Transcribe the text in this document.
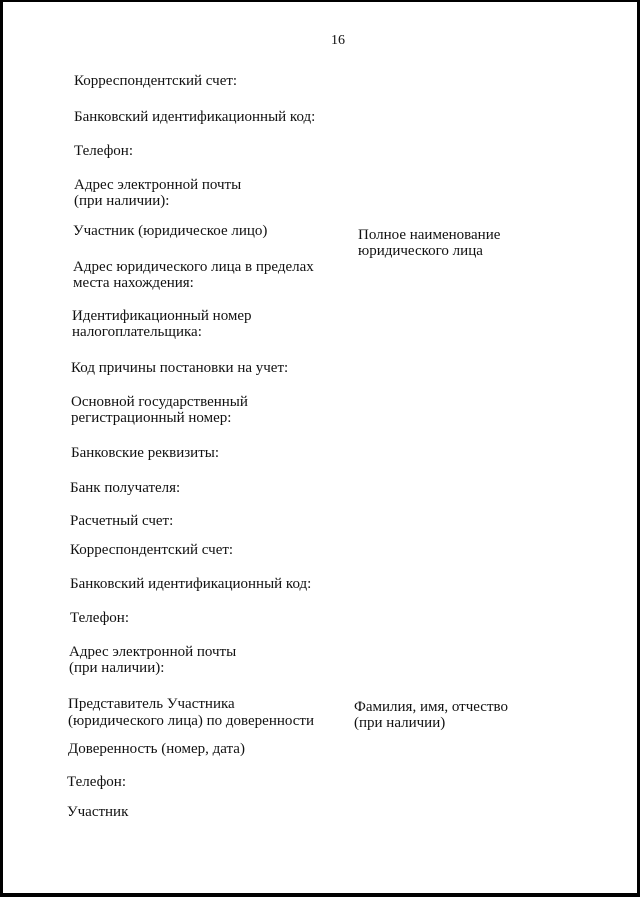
16
Корреспондентский счет:
Банковский идентификационный код:
Телефон:
Адрес электронной почты
(при наличии):
Участник (юридическое лицо)	Полное наименование
юридического лица
Адрес юридического лица в пределах
места нахождения:
Идентификационный номер
налогоплательщика:
Код причины постановки на учет:
Основной государственный
регистрационный номер:
Банковские реквизиты:
Банк получателя:
Расчетный счет:
Корреспондентский счет:
Банковский идентификационный код:
Телефон:
Адрес электронной почты
(при наличии):
Представитель Участника
(юридического лица) по доверенности
Фамилия, имя, отчество
(при наличии)
Доверенность (номер, дата)
Телефон:
Участник
